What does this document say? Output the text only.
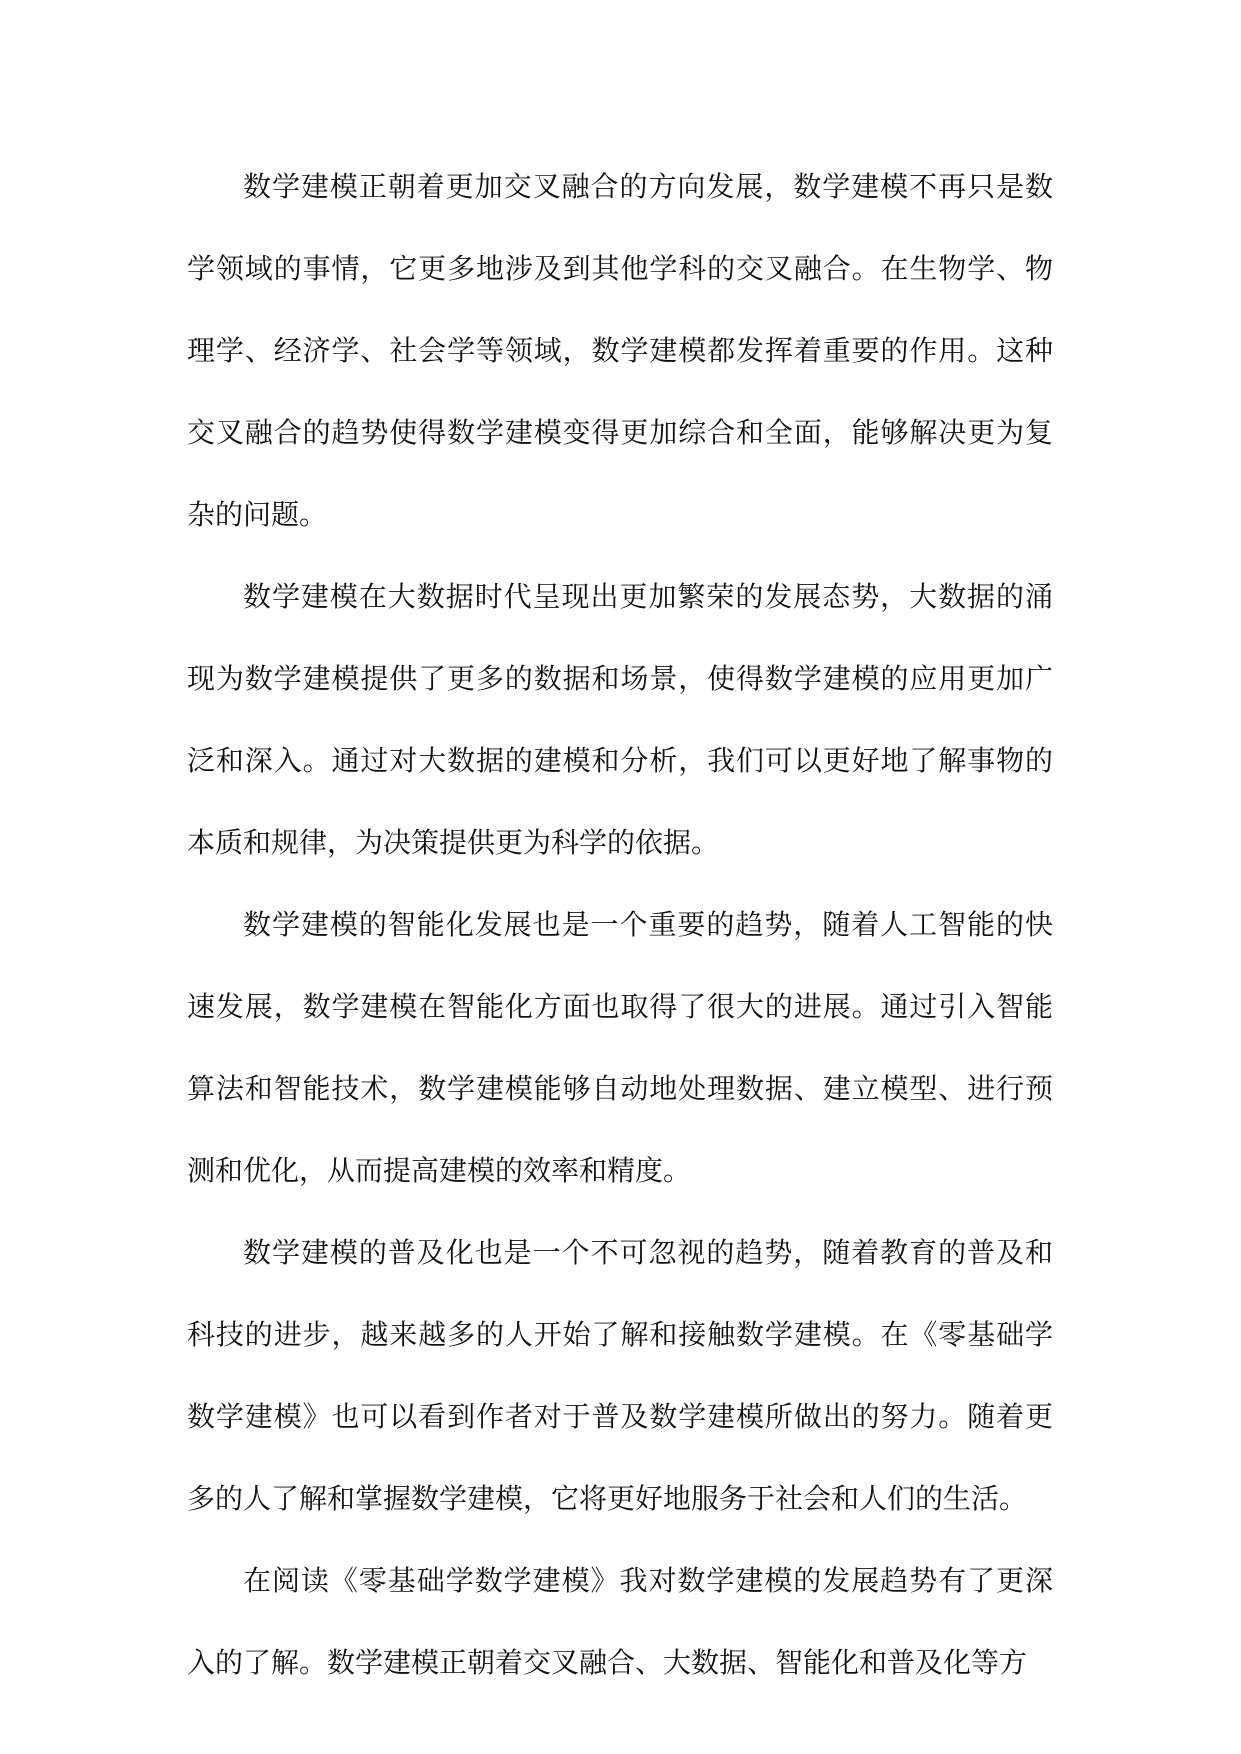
数学建模正朝着更加交叉融合的方向发展，数学建模不再只是数学领域的事情，它更多地涉及到其他学科的交叉融合。在生物学、物理学、经济学、社会学等领域，数学建模都发挥着重要的作用。这种交叉融合的趋势使得数学建模变得更加综合和全面，能够解决更为复杂的问题。

数学建模在大数据时代呈现出更加繁荣的发展态势，大数据的涌现为数学建模提供了更多的数据和场景，使得数学建模的应用更加广泛和深入。通过对大数据的建模和分析，我们可以更好地了解事物的本质和规律，为决策提供更为科学的依据。

数学建模的智能化发展也是一个重要的趋势，随着人工智能的快速发展，数学建模在智能化方面也取得了很大的进展。通过引入智能算法和智能技术，数学建模能够自动地处理数据、建立模型、进行预测和优化，从而提高建模的效率和精度。

数学建模的普及化也是一个不可忽视的趋势，随着教育的普及和科技的进步，越来越多的人开始了解和接触数学建模。在《零基础学数学建模》也可以看到作者对于普及数学建模所做出的努力。随着更多的人了解和掌握数学建模，它将更好地服务于社会和人们的生活。

在阅读《零基础学数学建模》我对数学建模的发展趋势有了更深入的了解。数学建模正朝着交叉融合、大数据、智能化和普及化等方
